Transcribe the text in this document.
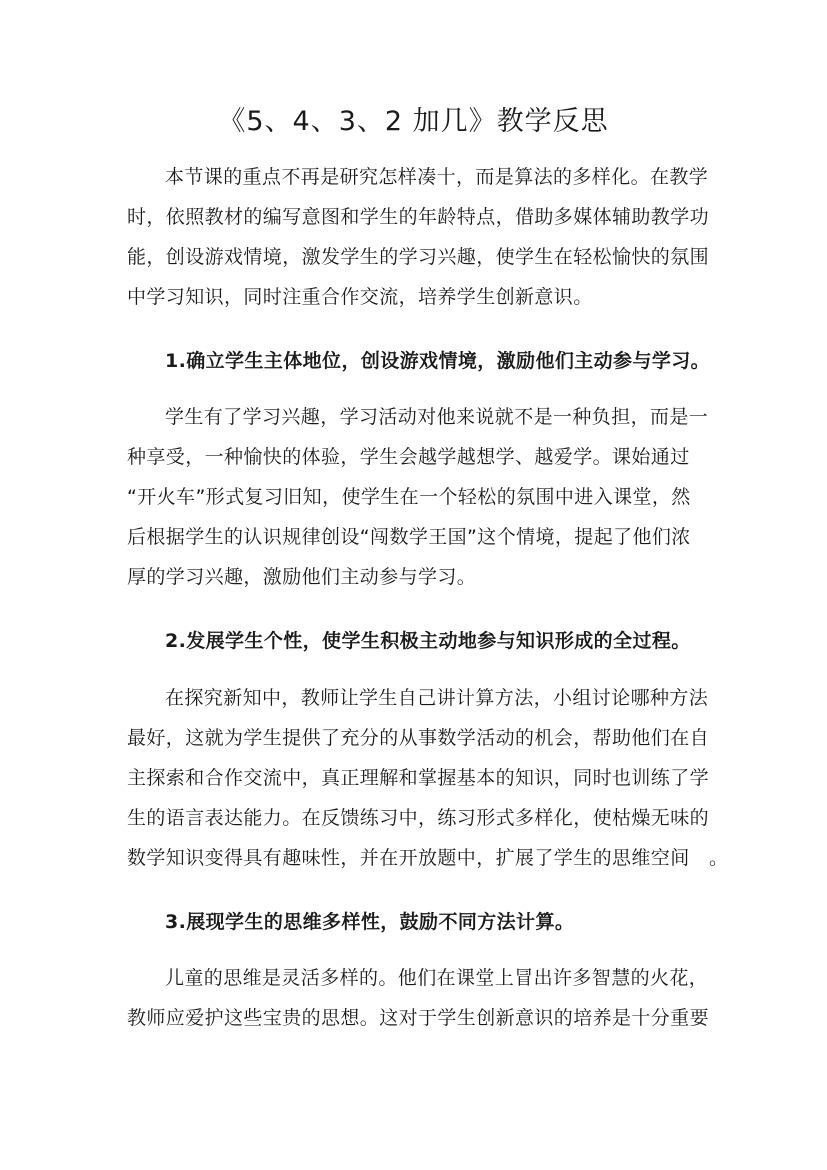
《5、4、3、2 加几》教学反思
本节课的重点不再是研究怎样凑十，而是算法的多样化。在教学
时，依照教材的编写意图和学生的年龄特点，借助多媒体辅助教学功
能，创设游戏情境，激发学生的学习兴趣，使学生在轻松愉快的氛围
中学习知识，同时注重合作交流，培养学生创新意识。
1.确立学生主体地位，创设游戏情境，激励他们主动参与学习。
学生有了学习兴趣，学习活动对他来说就不是一种负担，而是一
种享受，一种愉快的体验，学生会越学越想学、越爱学。课始通过
“开火车”形式复习旧知，使学生在一个轻松的氛围中进入课堂，然
后根据学生的认识规律创设“闯数学王国”这个情境，提起了他们浓
厚的学习兴趣，激励他们主动参与学习。
2.发展学生个性，使学生积极主动地参与知识形成的全过程。
在探究新知中，教师让学生自己讲计算方法，小组讨论哪种方法
最好，这就为学生提供了充分的从事数学活动的机会，帮助他们在自
主探索和合作交流中，真正理解和掌握基本的知识，同时也训练了学
生的语言表达能力。在反馈练习中，练习形式多样化，使枯燥无味的
数学知识变得具有趣味性，并在开放题中，扩展了学生的思维空间　。
3.展现学生的思维多样性，鼓励不同方法计算。
儿童的思维是灵活多样的。他们在课堂上冒出许多智慧的火花，
教师应爱护这些宝贵的思想。这对于学生创新意识的培养是十分重要
